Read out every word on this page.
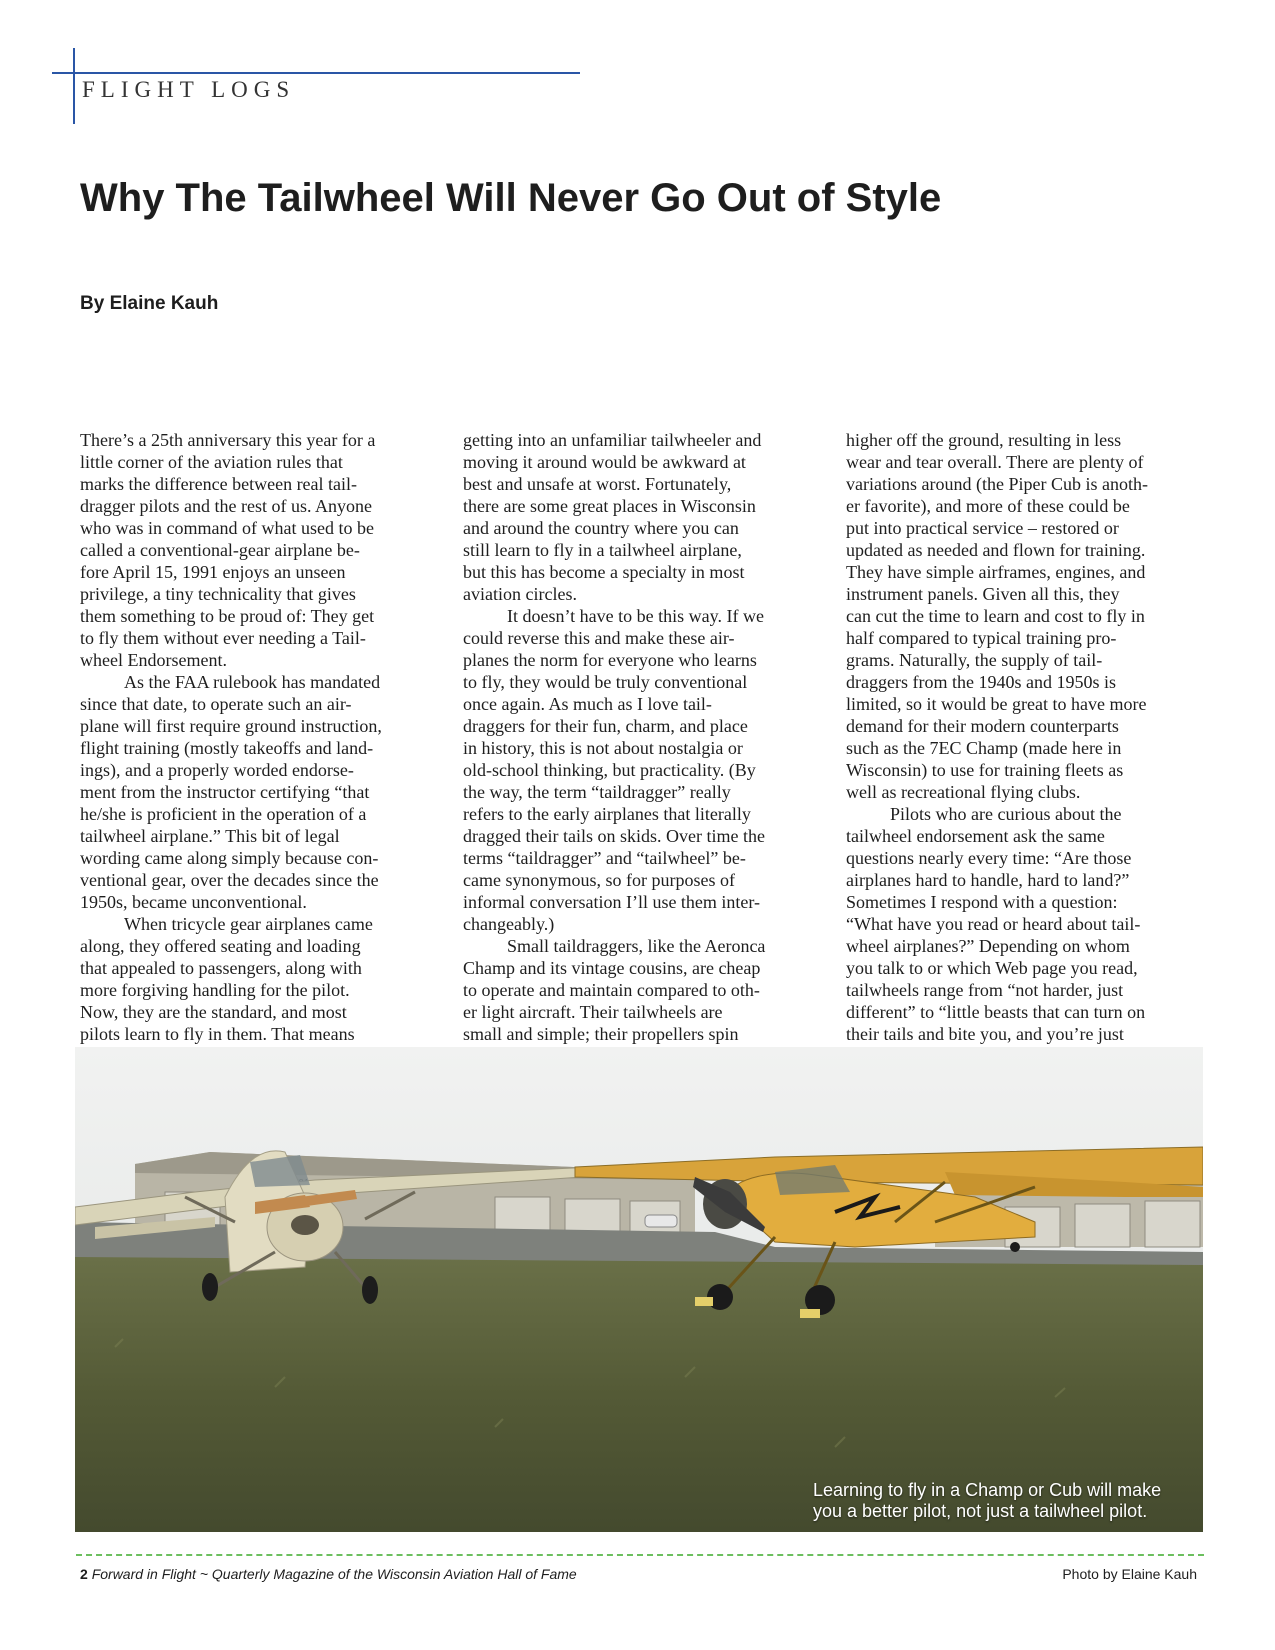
FLIGHT LOGS
Why The Tailwheel Will Never Go Out of Style
By Elaine Kauh

There’s a 25th anniversary this year for a
little corner of the aviation rules that
marks the difference between real tail-
dragger pilots and the rest of us. Anyone
who was in command of what used to be
called a conventional-gear airplane be-
fore April 15, 1991 enjoys an unseen
privilege, a tiny technicality that gives
them something to be proud of: They get
to fly them without ever needing a Tail-
wheel Endorsement.

As the FAA rulebook has mandated
since that date, to operate such an air-
plane will first require ground instruction,
flight training (mostly takeoffs and land-
ings), and a properly worded endorse-
ment from the instructor certifying “that
he/she is proficient in the operation of a
tailwheel airplane.” This bit of legal
wording came along simply because con-
ventional gear, over the decades since the
1950s, became unconventional.

When tricycle gear airplanes came
along, they offered seating and loading
that appealed to passengers, along with
more forgiving handling for the pilot.
Now, they are the standard, and most
pilots learn to fly in them. That means

getting into an unfamiliar tailwheeler and
moving it around would be awkward at
best and unsafe at worst. Fortunately,
there are some great places in Wisconsin
and around the country where you can
still learn to fly in a tailwheel airplane,
but this has become a specialty in most
aviation circles.

It doesn’t have to be this way. If we
could reverse this and make these air-
planes the norm for everyone who learns
to fly, they would be truly conventional
once again. As much as I love tail-
draggers for their fun, charm, and place
in history, this is not about nostalgia or
old-school thinking, but practicality. (By
the way, the term “taildragger” really
refers to the early airplanes that literally
dragged their tails on skids. Over time the
terms “taildragger” and “tailwheel” be-
came synonymous, so for purposes of
informal conversation I’ll use them inter-
changeably.)

Small taildraggers, like the Aeronca
Champ and its vintage cousins, are cheap
to operate and maintain compared to oth-
er light aircraft. Their tailwheels are
small and simple; their propellers spin

higher off the ground, resulting in less
wear and tear overall. There are plenty of
variations around (the Piper Cub is anoth-
er favorite), and more of these could be
put into practical service – restored or
updated as needed and flown for training.
They have simple airframes, engines, and
instrument panels. Given all this, they
can cut the time to learn and cost to fly in
half compared to typical training pro-
grams. Naturally, the supply of tail-
draggers from the 1940s and 1950s is
limited, so it would be great to have more
demand for their modern counterparts
such as the 7EC Champ (made here in
Wisconsin) to use for training fleets as
well as recreational flying clubs.

Pilots who are curious about the
tailwheel endorsement ask the same
questions nearly every time: “Are those
airplanes hard to handle, hard to land?”
Sometimes I respond with a question:
“What have you read or heard about tail-
wheel airplanes?” Depending on whom
you talk to or which Web page you read,
tailwheels range from “not harder, just
different” to “little beasts that can turn on
their tails and bite you, and you’re just

Learning to fly in a Champ or Cub will make
you a better pilot, not just a tailwheel pilot.
2 Forward in Flight ~ Quarterly Magazine of the Wisconsin Aviation Hall of Fame	Photo by Elaine Kauh
